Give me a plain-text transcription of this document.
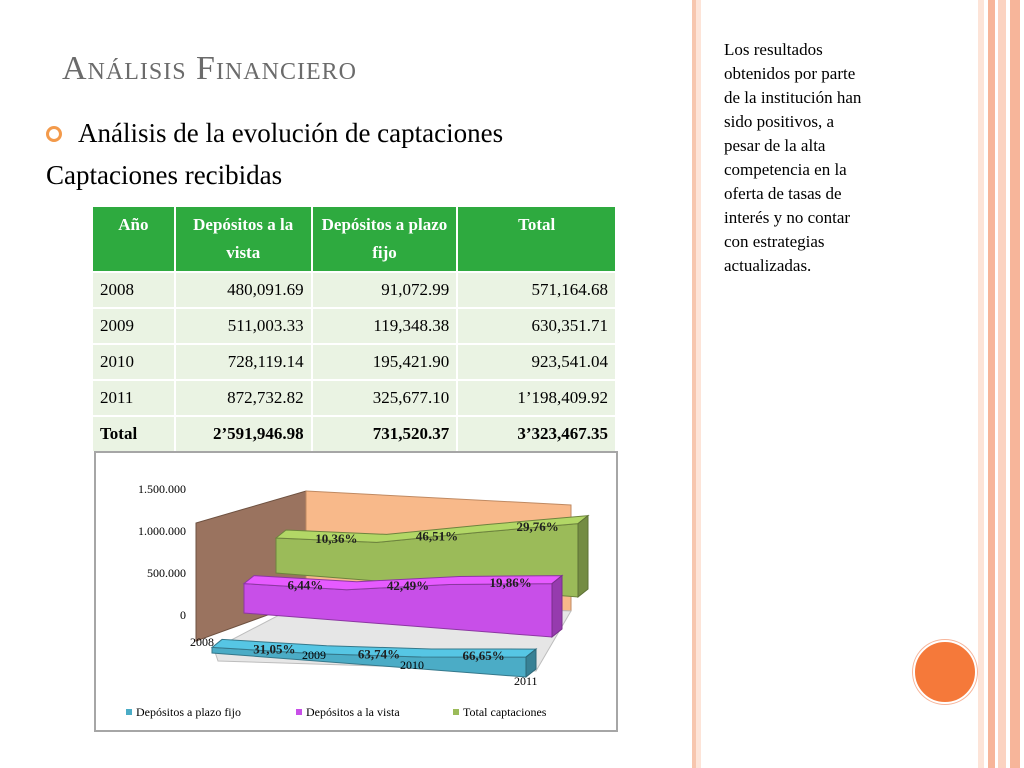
Análisis Financiero
Análisis de la evolución de captaciones
Captaciones recibidas
Año	Depósitos a la vista	Depósitos a plazo fijo	Total
2008	480,091.69	91,072.99	571,164.68
2009	511,003.33	119,348.38	630,351.71
2010	728,119.14	195,421.90	923,541.04
2011	872,732.82	325,677.10	1’198,409.92
Total	2’591,946.98	731,520.37	3’323,467.35
0
500.000
1.000.000
1.500.000
10,36%	46,51%
29,76%
6,44%	42,49%	19,86%
31,05%	63,74%	66,65%
2008
2009
2010
2011
Depósitos a plazo fijo	Depósitos a la vista	Total captaciones

Los resultados

obtenidos por parte

de la institución han

sido positivos, a

pesar de la alta

competencia en la

oferta de tasas de

interés y no contar

con estrategias

actualizadas.
